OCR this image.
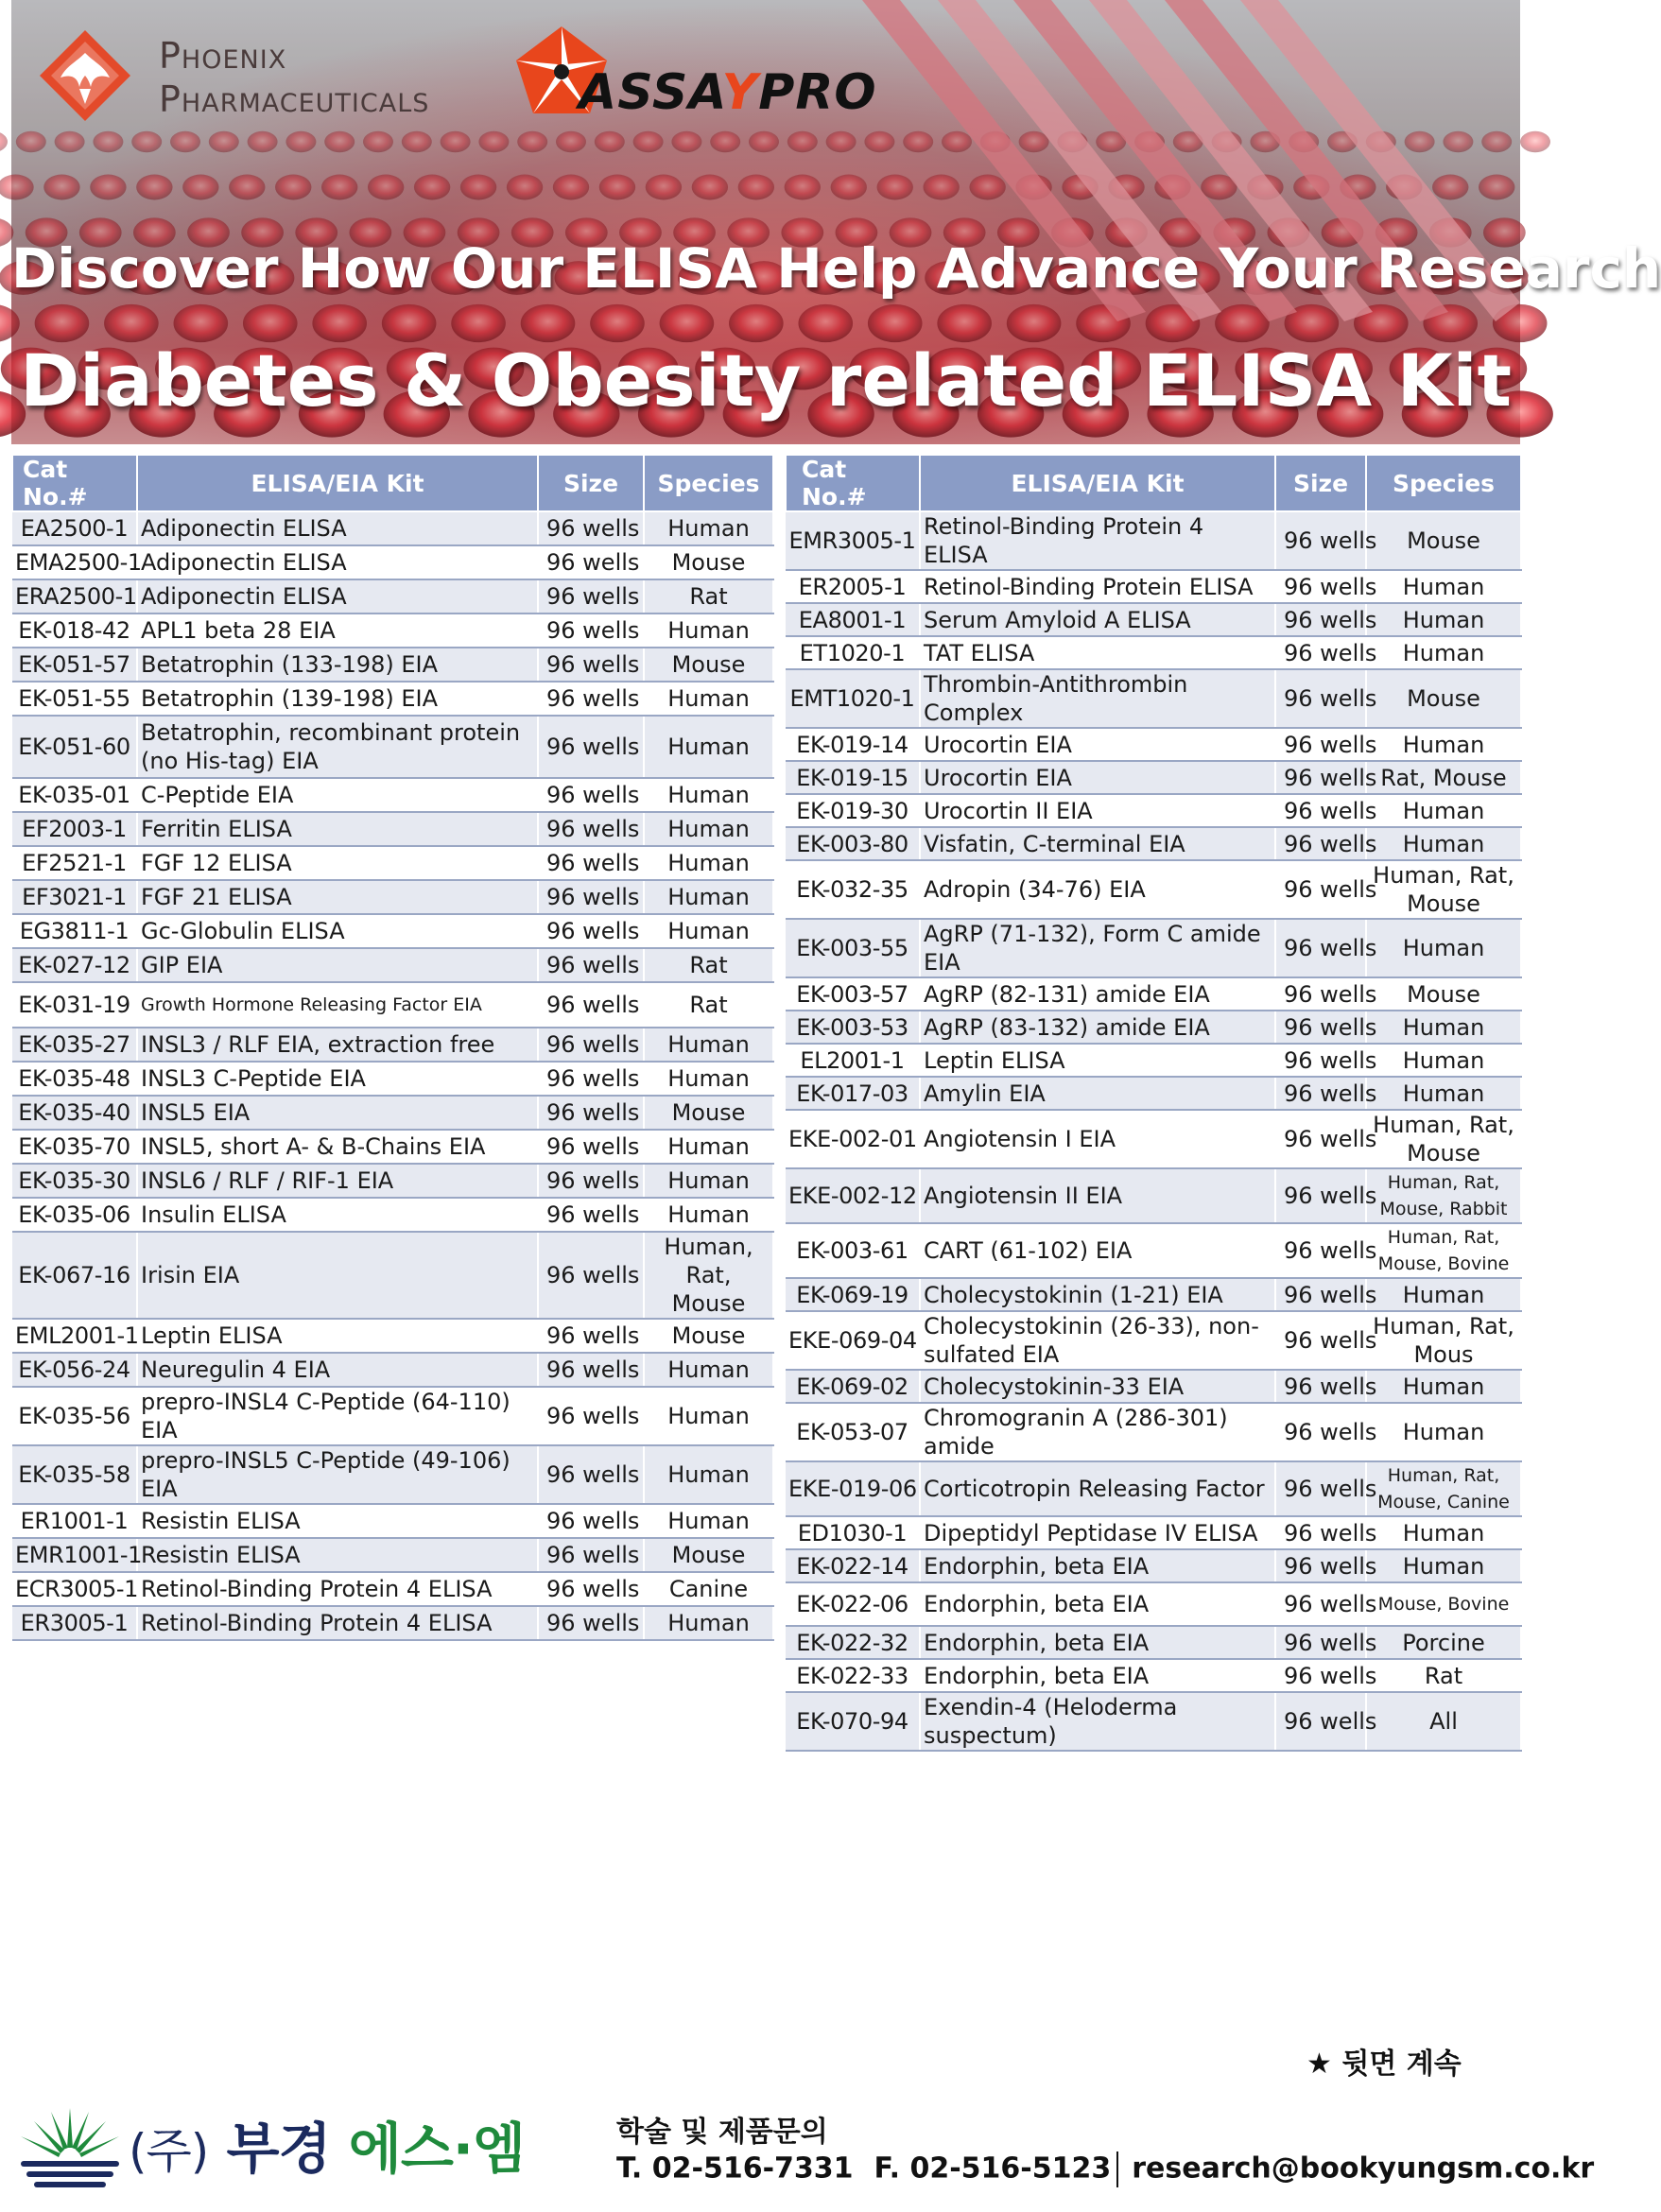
Phoenix
Pharmaceuticals	ASSAYPRO
Discover How Our ELISA Help Advance Your Research
Diabetes & Obesity related ELISA Kit
Cat No.#	ELISA/EIA Kit	Size	Species
EA2500-1	Adiponectin ELISA	96 wells	Human
EMA2500-1	Adiponectin ELISA	96 wells	Mouse
ERA2500-1	Adiponectin ELISA	96 wells	Rat
EK-018-42	APL1 beta 28 EIA	96 wells	Human
EK-051-57	Betatrophin (133-198) EIA	96 wells	Mouse
EK-051-55	Betatrophin (139-198) EIA	96 wells	Human
EK-051-60	Betatrophin, recombinant protein (no His-tag) EIA	96 wells	Human
EK-035-01	C-Peptide EIA	96 wells	Human
EF2003-1	Ferritin ELISA	96 wells	Human
EF2521-1	FGF 12 ELISA	96 wells	Human
EF3021-1	FGF 21 ELISA	96 wells	Human
EG3811-1	Gc-Globulin ELISA	96 wells	Human
EK-027-12	GIP EIA	96 wells	Rat
EK-031-19	Growth Hormone Releasing Factor EIA	96 wells	Rat
EK-035-27	INSL3 / RLF EIA, extraction free	96 wells	Human
EK-035-48	INSL3 C-Peptide EIA	96 wells	Human
EK-035-40	INSL5 EIA	96 wells	Mouse
EK-035-70	INSL5, short A- & B-Chains EIA	96 wells	Human
EK-035-30	INSL6 / RLF / RIF-1 EIA	96 wells	Human
EK-035-06	Insulin ELISA	96 wells	Human
EK-067-16	Irisin EIA	96 wells	Human, Rat, Mouse
EML2001-1	Leptin ELISA	96 wells	Mouse
EK-056-24	Neuregulin 4 EIA	96 wells	Human
EK-035-56	prepro-INSL4 C-Peptide (64-110) EIA	96 wells	Human
EK-035-58	prepro-INSL5 C-Peptide (49-106) EIA	96 wells	Human
ER1001-1	Resistin ELISA	96 wells	Human
EMR1001-1	Resistin ELISA	96 wells	Mouse
ECR3005-1	Retinol-Binding Protein 4 ELISA	96 wells	Canine
ER3005-1	Retinol-Binding Protein 4 ELISA	96 wells	Human
Cat No.#	ELISA/EIA Kit	Size	Species
EMR3005-1	Retinol-Binding Protein 4 ELISA	96 wells	Mouse
ER2005-1	Retinol-Binding Protein ELISA	96 wells	Human
EA8001-1	Serum Amyloid A ELISA	96 wells	Human
ET1020-1	TAT ELISA	96 wells	Human
EMT1020-1	Thrombin-Antithrombin Complex	96 wells	Mouse
EK-019-14	Urocortin EIA	96 wells	Human
EK-019-15	Urocortin EIA	96 wells	Rat, Mouse
EK-019-30	Urocortin II EIA	96 wells	Human
EK-003-80	Visfatin, C-terminal EIA	96 wells	Human
EK-032-35	Adropin (34-76) EIA	96 wells	Human, Rat, Mouse
EK-003-55	AgRP (71-132), Form C amide EIA	96 wells	Human
EK-003-57	AgRP (82-131) amide EIA	96 wells	Mouse
EK-003-53	AgRP (83-132) amide EIA	96 wells	Human
EL2001-1	Leptin ELISA	96 wells	Human
EK-017-03	Amylin EIA	96 wells	Human
EKE-002-01	Angiotensin I EIA	96 wells	Human, Rat, Mouse
EKE-002-12	Angiotensin II EIA	96 wells	Human, Rat, Mouse, Rabbit
EK-003-61	CART (61-102) EIA	96 wells	Human, Rat, Mouse, Bovine
EK-069-19	Cholecystokinin (1-21) EIA	96 wells	Human
EKE-069-04	Cholecystokinin (26-33), non-sulfated EIA	96 wells	Human, Rat, Mous
EK-069-02	Cholecystokinin-33 EIA	96 wells	Human
EK-053-07	Chromogranin A (286-301) amide	96 wells	Human
EKE-019-06	Corticotropin Releasing Factor	96 wells	Human, Rat, Mouse, Canine
ED1030-1	Dipeptidyl Peptidase IV ELISA	96 wells	Human
EK-022-14	Endorphin, beta EIA	96 wells	Human
EK-022-06	Endorphin, beta EIA	96 wells	Mouse, Bovine
EK-022-32	Endorphin, beta EIA	96 wells	Porcine
EK-022-33	Endorphin, beta EIA	96 wells	Rat
EK-070-94	Exendin-4 (Heloderma suspectum)	96 wells	All
★ 뒷면 계속
(주) 부경 에스·엠	학술 및 제품문의
T. 02-516-7331 F. 02-516-5123 research@bookyungsm.co.kr
